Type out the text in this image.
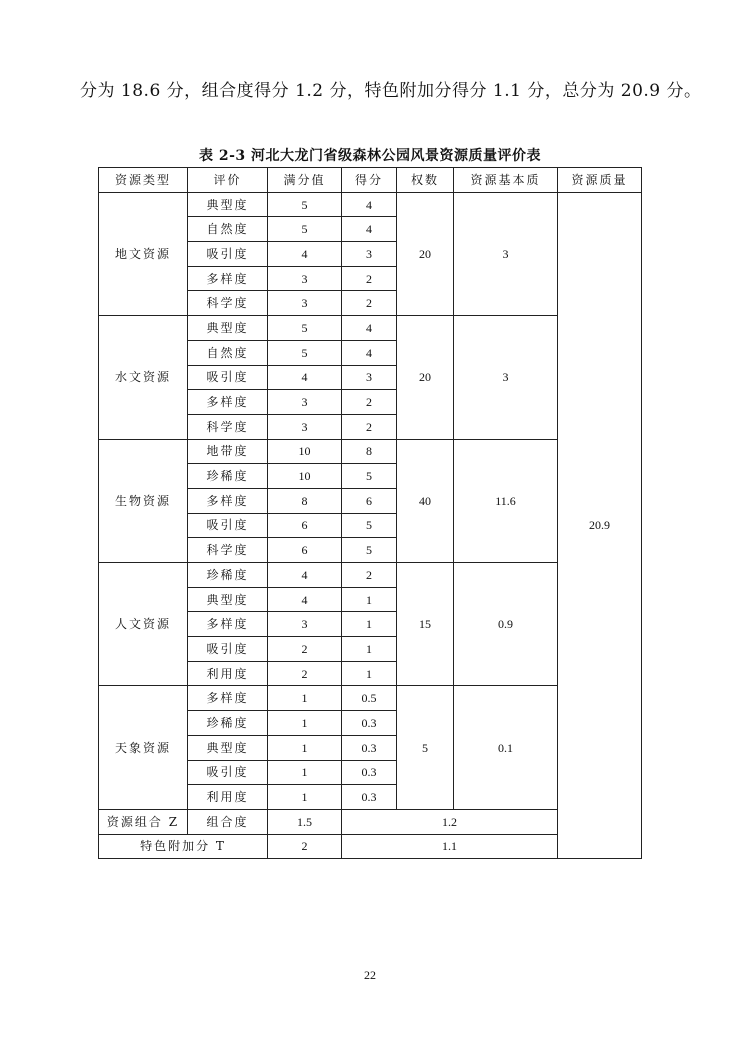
分为 18.6 分，组合度得分 1.2 分，特色附加分得分 1.1 分，总分为 20.9 分。
表 2-3 河北大龙门省级森林公园风景资源质量评价表
资源类型	评价	满分值	得分	权数	资源基本质	资源质量
地文资源	典型度	5	4	20	3	20.9
	自然度	5	4			
	吸引度	4	3			
	多样度	3	2			
	科学度	3	2			
水文资源	典型度	5	4	20	3	
	自然度	5	4			
	吸引度	4	3			
	多样度	3	2			
	科学度	3	2			
生物资源	地带度	10	8	40	11.6	
	珍稀度	10	5			
	多样度	8	6			
	吸引度	6	5			
	科学度	6	5			
人文资源	珍稀度	4	2	15	0.9	
	典型度	4	1			
	多样度	3	1			
	吸引度	2	1			
	利用度	2	1			
天象资源	多样度	1	0.5	5	0.1	
	珍稀度	1	0.3			
	典型度	1	0.3			
	吸引度	1	0.3			
	利用度	1	0.3			
资源组合 Z	组合度	1.5	1.2			
特色附加分 T		2	1.1			
22
